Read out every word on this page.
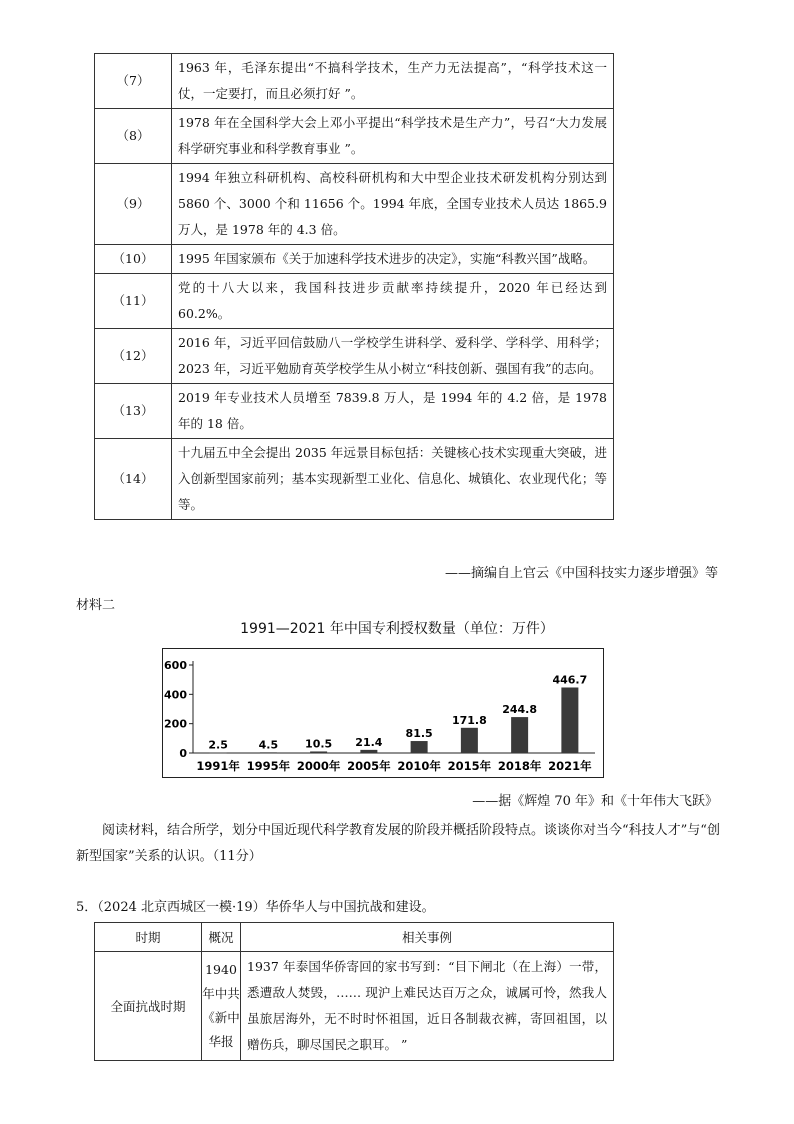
（7）	1963 年，毛泽东提出“不搞科学技术，生产力无法提高”，“科学技术这一仗，一定要打，而且必须打好 ”。
（8）	1978 年在全国科学大会上邓小平提出“科学技术是生产力”，号召“大力发展科学研究事业和科学教育事业 ”。
（9）	1994 年独立科研机构、高校科研机构和大中型企业技术研发机构分别达到 5860 个、3000 个和 11656 个。1994 年底，全国专业技术人员达 1865.9 万人，是 1978 年的 4.3 倍。
（10）	1995 年国家颁布《关于加速科学技术进步的决定》，实施“科教兴国”战略。
（11）	党的十八大以来，我国科技进步贡献率持续提升，2020 年已经达到 60.2%。
（12）	2016 年，习近平回信鼓励八一学校学生讲科学、爱科学、学科学、用科学；2023 年，习近平勉励育英学校学生从小树立“科技创新、强国有我”的志向。
（13）	2019 年专业技术人员增至 7839.8 万人，是 1994 年的 4.2 倍，是 1978 年的 18 倍。
（14）	十九届五中全会提出 2035 年远景目标包括：关键核心技术实现重大突破，进入创新型国家前列；基本实现新型工业化、信息化、城镇化、农业现代化；等等。
——摘编自上官云《中国科技实力逐步增强》等
材料二
1991—2021 年中国专利授权数量（单位：万件）
0
200
400
600
2.5
1991年
4.5
1995年
10.5
2000年
21.4
2005年
81.5
2010年
171.8
2015年
244.8
2018年
446.7
2021年
——据《辉煌 70 年》和《十年伟大飞跃》
阅读材料，结合所学，划分中国近现代科学教育发展的阶段并概括阶段特点。谈谈你对当今“科技人才”与“创新型国家”关系的认识。（11分）
5．（2024 北京西城区一模·19）华侨华人与中国抗战和建设。
时期	概况	相关事例
全面抗战时期	1940 年中共《新中华报	1937 年泰国华侨寄回的家书写到：“目下闸北（在上海）一带，悉遭敌人焚毁，…… 现沪上难民达百万之众，诚属可怜，然我人虽旅居海外，无不时时怀祖国，近日各制裁衣裤，寄回祖国，以赠伤兵，聊尽国民之职耳。 ”
